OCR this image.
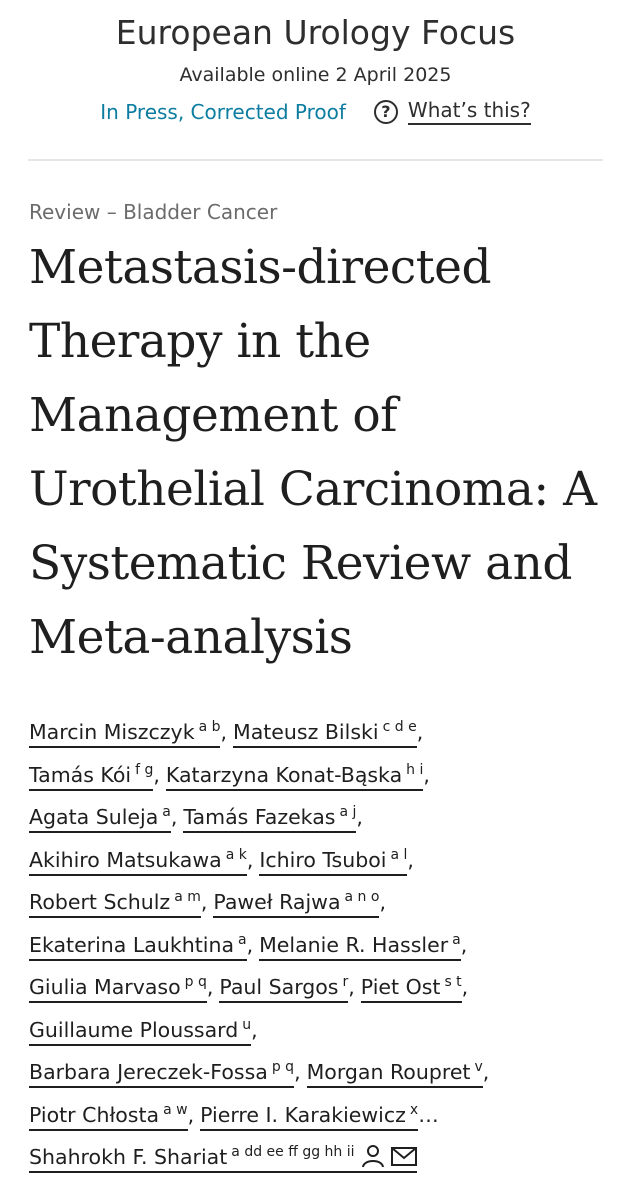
European Urology Focus
Available online 2 April 2025
In Press, Corrected Proof	? What’s this?
Review – Bladder Cancer
Metastasis-directed Therapy in the Management of Urothelial Carcinoma: A Systematic Review and Meta-analysis
Marcin Miszczyk $^{a b}$, Mateusz Bilski $^{c d e}$,
Tamás Kói $^{f g}$, Katarzyna Konat-Bąska $^{h i}$,
Agata Suleja $^a$, Tamás Fazekas $^{a j}$,
Akihiro Matsukawa $^{a k}$, Ichiro Tsuboi $^{a l}$,
Robert Schulz $^{a m}$, Paweł Rajwa $^{a n o}$,
Ekaterina Laukhtina $^a$, Melanie R. Hassler $^a$,
Giulia Marvaso $^{p q}$, Paul Sargos $^r$, Piet Ost $^{s t}$,
Guillaume Ploussard $^u$,
Barbara Jereczek-Fossa $^{p q}$, Morgan Roupret $^v$,
Piotr Chłosta $^{a w}$, Pierre I. Karakiewicz $^x$…
Shahrokh F. Shariat $^{a dd ee ff gg hh ii}$
